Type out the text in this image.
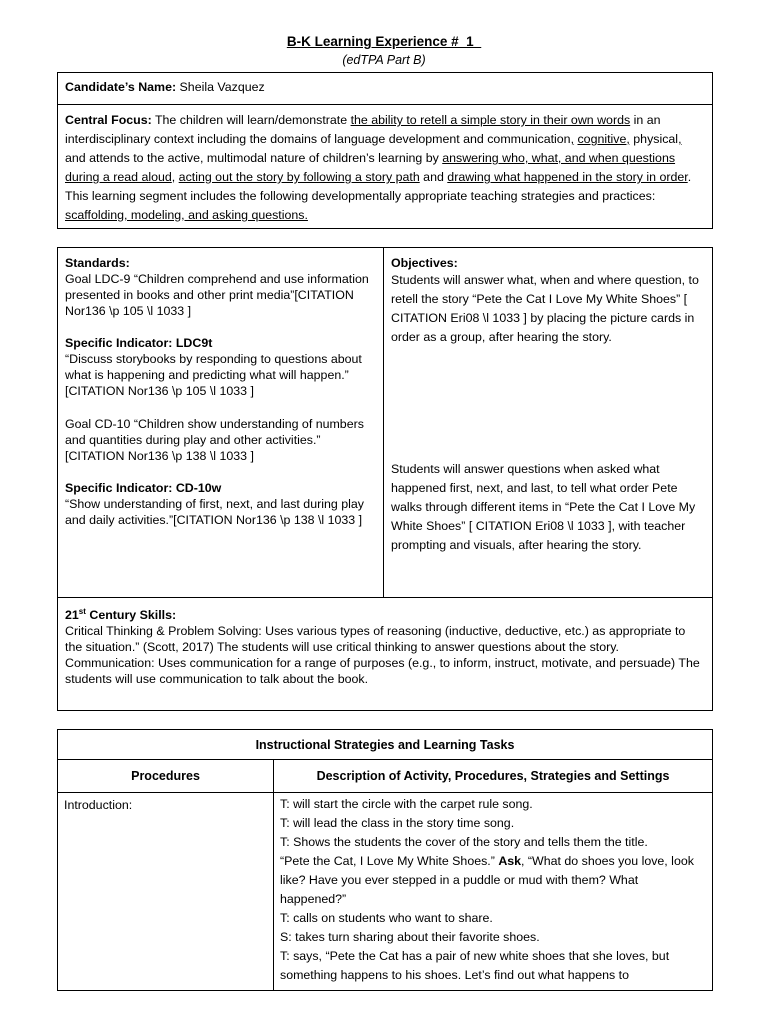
B-K Learning Experience #_1_
(edTPA Part B)
Candidate’s Name: Sheila Vazquez
Central Focus: The children will learn/demonstrate the ability to retell a simple story in their own words in an interdisciplinary context including the domains of language development and communication, cognitive, physical, and attends to the active, multimodal nature of children’s learning by answering who, what, and when questions during a read aloud, acting out the story by following a story path and drawing what happened in the story in order. This learning segment includes the following developmentally appropriate teaching strategies and practices: scaffolding, modeling, and asking questions.
Standards:

Goal LDC-9 “Children comprehend and use information presented in books and other print media”[CITATION Nor136 \p 105 \l 1033 ]

Specific Indicator: LDC9t

“Discuss storybooks by responding to questions about what is happening and predicting what will happen.” [CITATION Nor136 \p 105 \l 1033 ]

Goal CD-10 “Children show understanding of numbers and quantities during play and other activities.” [CITATION Nor136 \p 138 \l 1033 ]

Specific Indicator: CD-10w

“Show understanding of first, next, and last during play and daily activities.”[CITATION Nor136 \p 138 \l 1033 ]

Objectives:

Students will answer what, when and where question, to retell the story “Pete the Cat I Love My White Shoes” [ CITATION Eri08 \l 1033 ] by placing the picture cards in order as a group, after hearing the story.

Students will answer questions when asked what happened first, next, and last, to tell what order Pete walks through different items in “Pete the Cat I Love My White Shoes” [ CITATION Eri08 \l 1033 ], with teacher prompting and visuals, after hearing the story.

21st Century Skills:

Critical Thinking & Problem Solving: Uses various types of reasoning (inductive, deductive, etc.) as appropriate to the situation.” (Scott, 2017) The students will use critical thinking to answer questions about the story.

Communication: Uses communication for a range of purposes (e.g., to inform, instruct, motivate, and persuade) The students will use communication to talk about the book.

Instructional Strategies and Learning Tasks
Procedures	Description of Activity, Procedures, Strategies and Settings
Introduction:	T: will start the circle with the carpet rule song.

T: will lead the class in the story time song.

T: Shows the students the cover of the story and tells them the title.

“Pete the Cat, I Love My White Shoes.” Ask, “What do shoes you love, look like? Have you ever stepped in a puddle or mud with them? What happened?”

T: calls on students who want to share.

S: takes turn sharing about their favorite shoes.

T: says, “Pete the Cat has a pair of new white shoes that she loves, but something happens to his shoes. Let’s find out what happens to
